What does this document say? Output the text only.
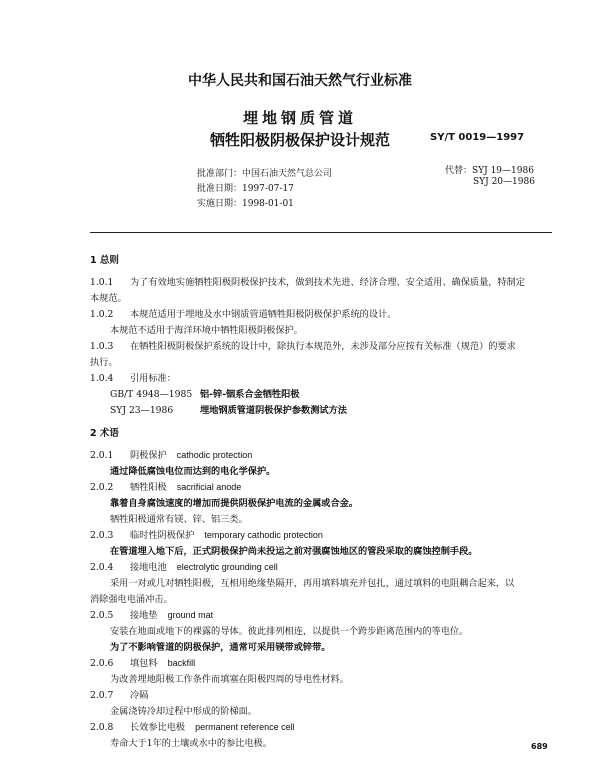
中华人民共和国石油天然气行业标准
埋地钢质管道
牺牲阳极阴极保护设计规范	SY/T 0019—1997
批准部门：中国石油天然气总公司
批准日期：1997-07-17
实施日期：1998-01-01
代替：SYJ 19—1986
SYJ 20—1986
1 总则
1.0.1 为了有效地实施牺牲阳极阴极保护技术，做到技术先进、经济合理、安全适用、确保质量，特制定
本规范。
1.0.2 本规范适用于埋地及水中钢质管道牺牲阳极阴极保护系统的设计。
本规范不适用于海洋环境中牺牲阳极阴极保护。
1.0.3 在牺牲阳极阴极保护系统的设计中，除执行本规范外，未涉及部分应按有关标准（规范）的要求
执行。
1.0.4 引用标准：
GB/T 4948—1985 铝-锌-铟系合金牺牲阳极
SYJ 23—1986	埋地钢质管道阴极保护参数测试方法
2 术语
2.0.1 阴极保护 cathodic protection
通过降低腐蚀电位而达到的电化学保护。
2.0.2 牺牲阳极 sacrificial anode
靠着自身腐蚀速度的增加而提供阴极保护电流的金属或合金。
牺牲阳极通常有镁、锌、铝三类。
2.0.3 临时性阴极保护 temporary cathodic protection
在管道埋入地下后，正式阴极保护尚未投运之前对强腐蚀地区的管段采取的腐蚀控制手段。
2.0.4 接地电池 electrolytic grounding cell
采用一对或几对牺牲阳极，互相用绝缘垫隔开，再用填料填充并包扎，通过填料的电阻耦合起来，以
消除强电电涌冲击。
2.0.5 接地垫 ground mat
安装在地面或地下的裸露的导体。彼此排列相连，以提供一个跨步距离范围内的等电位。
为了不影响管道的阴极保护，通常可采用镁带或锌带。
2.0.6 填包料 backfill
为改善埋地阳极工作条件而填塞在阳极四周的导电性材料。
2.0.7 冷隔
金属浇铸冷却过程中形成的阶梯面。
2.0.8 长效参比电极 permanent reference cell
寿命大于1年的土壤或水中的参比电极。	689
